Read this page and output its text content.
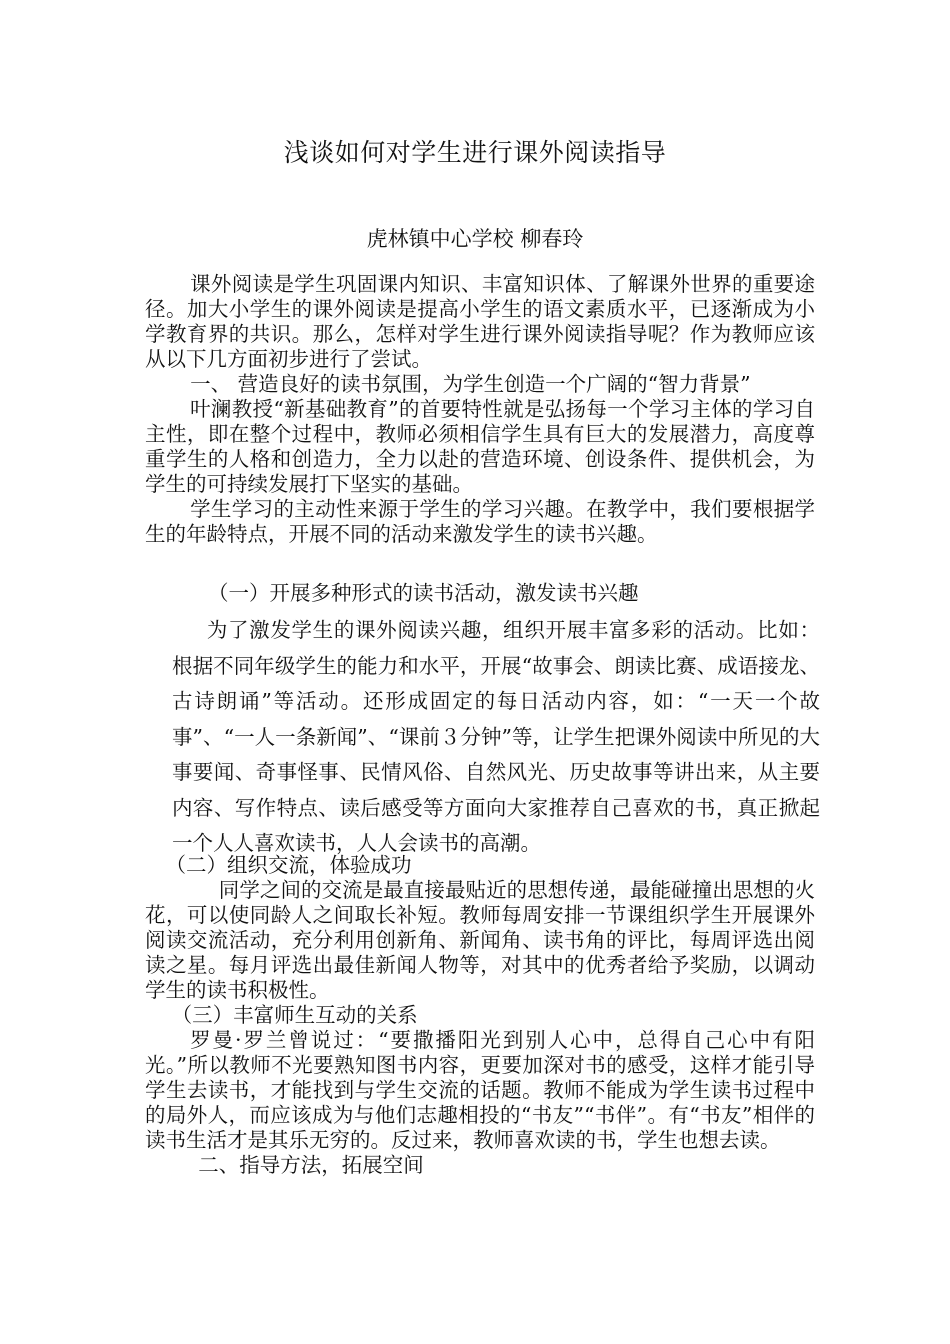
浅谈如何对学生进行课外阅读指导
虎林镇中心学校 柳春玲

课外阅读是学生巩固课内知识、丰富知识体、了解课外世界的重要途径。加大小学生的课外阅读是提高小学生的语文素质水平，已逐渐成为小学教育界的共识。那么，怎样对学生进行课外阅读指导呢？作为教师应该从以下几方面初步进行了尝试。

一、 营造良好的读书氛围，为学生创造一个广阔的“智力背景”

叶澜教授“新基础教育”的首要特性就是弘扬每一个学习主体的学习自主性，即在整个过程中，教师必须相信学生具有巨大的发展潜力，高度尊重学生的人格和创造力，全力以赴的营造环境、创设条件、提供机会，为学生的可持续发展打下坚实的基础。

学生学习的主动性来源于学生的学习兴趣。在教学中，我们要根据学生的年龄特点，开展不同的活动来激发学生的读书兴趣。

（一）开展多种形式的读书活动，激发读书兴趣

为了激发学生的课外阅读兴趣，组织开展丰富多彩的活动。比如：根据不同年级学生的能力和水平，开展“故事会、朗读比赛、成语接龙、古诗朗诵”等活动。还形成固定的每日活动内容，如：“一天一个故事”、“一人一条新闻”、“课前３分钟”等，让学生把课外阅读中所见的大事要闻、奇事怪事、民情风俗、自然风光、历史故事等讲出来，从主要内容、写作特点、读后感受等方面向大家推荐自己喜欢的书，真正掀起一个人人喜欢读书，人人会读书的高潮。

（二）组织交流，体验成功

同学之间的交流是最直接最贴近的思想传递，最能碰撞出思想的火花，可以使同龄人之间取长补短。教师每周安排一节课组织学生开展课外阅读交流活动，充分利用创新角、新闻角、读书角的评比，每周评选出阅读之星。每月评选出最佳新闻人物等，对其中的优秀者给予奖励，以调动学生的读书积极性。

（三）丰富师生互动的关系

罗曼·罗兰曾说过：“要撒播阳光到别人心中，总得自己心中有阳光。”所以教师不光要熟知图书内容，更要加深对书的感受，这样才能引导学生去读书，才能找到与学生交流的话题。教师不能成为学生读书过程中的局外人，而应该成为与他们志趣相投的“书友”“书伴”。有“书友”相伴的读书生活才是其乐无穷的。反过来，教师喜欢读的书，学生也想去读。

二、指导方法，拓展空间
